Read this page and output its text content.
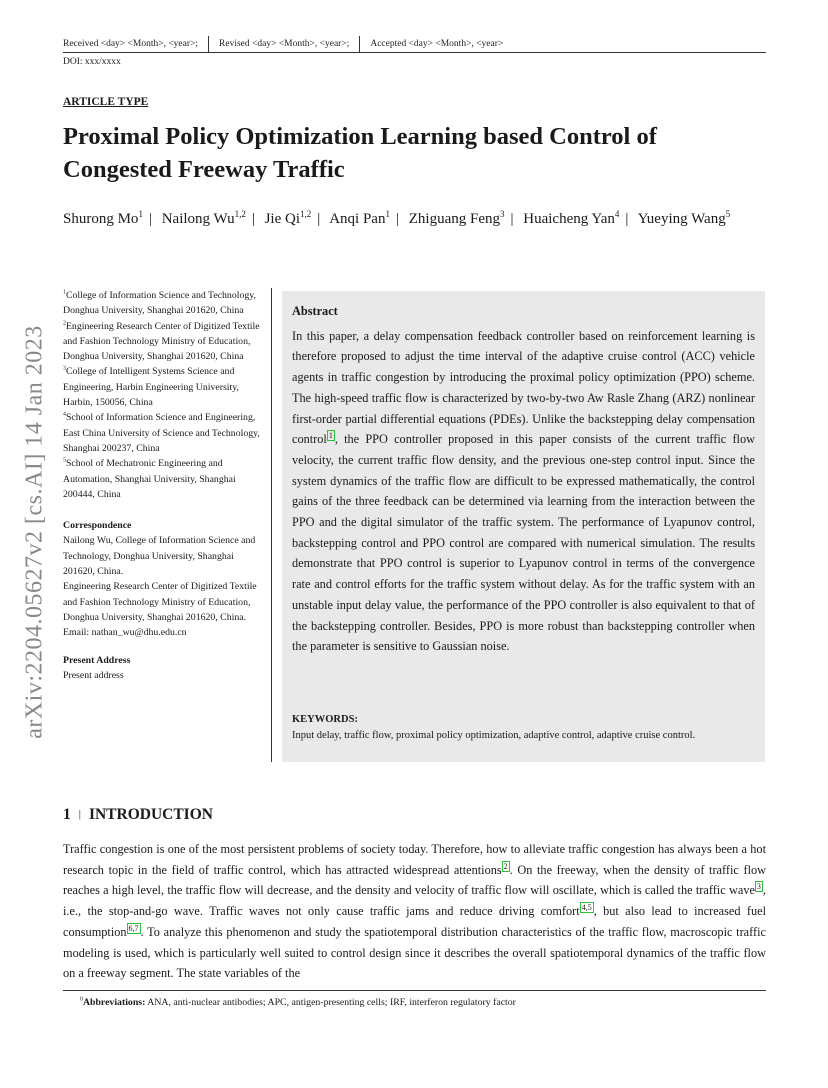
Received <day> <Month>, <year>; Revised <day> <Month>, <year>; Accepted <day> <Month>, <year>
DOI: xxx/xxxx
ARTICLE TYPE
Proximal Policy Optimization Learning based Control of Congested Freeway Traffic
Shurong Mo$^1$ | Nailong Wu$^{1,2}$ | Jie Qi$^{1,2}$ | Anqi Pan$^1$ | Zhiguang Feng$^3$ | Huaicheng Yan$^4$ | Yueying Wang$^5$
arXiv:2204.05627v2 [cs.AI] 14 Jan 2023
$^1$College of Information Science and Technology, Donghua University, Shanghai 201620, China
$^2$Engineering Research Center of Digitized Textile and Fashion Technology Ministry of Education, Donghua University, Shanghai 201620, China
$^3$College of Intelligent Systems Science and Engineering, Harbin Engineering University, Harbin, 150056, China
$^4$School of Information Science and Engineering, East China University of Science and Technology, Shanghai 200237, China
$^5$School of Mechatronic Engineering and Automation, Shanghai University, Shanghai 200444, China
Correspondence
Nailong Wu, College of Information Science and Technology, Donghua University, Shanghai 201620, China.
Engineering Research Center of Digitized Textile and Fashion Technology Ministry of Education, Donghua University, Shanghai 201620, China.
Email: nathan_wu@dhu.edu.cn
Present Address
Present address
Abstract

In this paper, a delay compensation feedback controller based on reinforcement learning is therefore proposed to adjust the time interval of the adaptive cruise control (ACC) vehicle agents in traffic congestion by introducing the proximal policy optimization (PPO) scheme. The high-speed traffic flow is characterized by two-by-two Aw Rasle Zhang (ARZ) nonlinear first-order partial differential equations (PDEs). Unlike the backstepping delay compensation control $^1$ , the PPO controller proposed in this paper consists of the current traffic flow velocity, the current traffic flow density, and the previous one-step control input. Since the system dynamics of the traffic flow are difficult to be expressed mathematically, the control gains of the three feedback can be determined via learning from the interaction between the PPO and the digital simulator of the traffic system. The performance of Lyapunov control, backstepping control and PPO control are compared with numerical simulation. The results demonstrate that PPO control is superior to Lyapunov control in terms of the convergence rate and control efforts for the traffic system without delay. As for the traffic system with an unstable input delay value, the performance of the PPO controller is also equivalent to that of the backstepping controller. Besides, PPO is more robust than backstepping controller when the parameter is sensitive to Gaussian noise.

KEYWORDS:
Input delay, traffic flow, proximal policy optimization, adaptive control, adaptive cruise control.
1 | INTRODUCTION

Traffic congestion is one of the most persistent problems of society today. Therefore, how to alleviate traffic congestion has always been a hot research topic in the field of traffic control, which has attracted widespread attentions $^2$ . On the freeway, when the density of traffic flow reaches a high level, the traffic flow will decrease, and the density and velocity of traffic flow will oscillate, which is called the traffic wave $^3$ , i.e., the stop-and-go wave. Traffic waves not only cause traffic jams and reduce driving comfort $^{4,5}$ , but also lead to increased fuel consumption $^{6,7}$ . To analyze this phenomenon and study the spatiotemporal distribution characteristics of the traffic flow, macroscopic traffic modeling is used, which is particularly well suited to control design since it describes the overall spatiotemporal dynamics of the traffic flow on a freeway segment. The state variables of the

$^0$Abbreviations: ANA, anti-nuclear antibodies; APC, antigen-presenting cells; IRF, interferon regulatory factor
